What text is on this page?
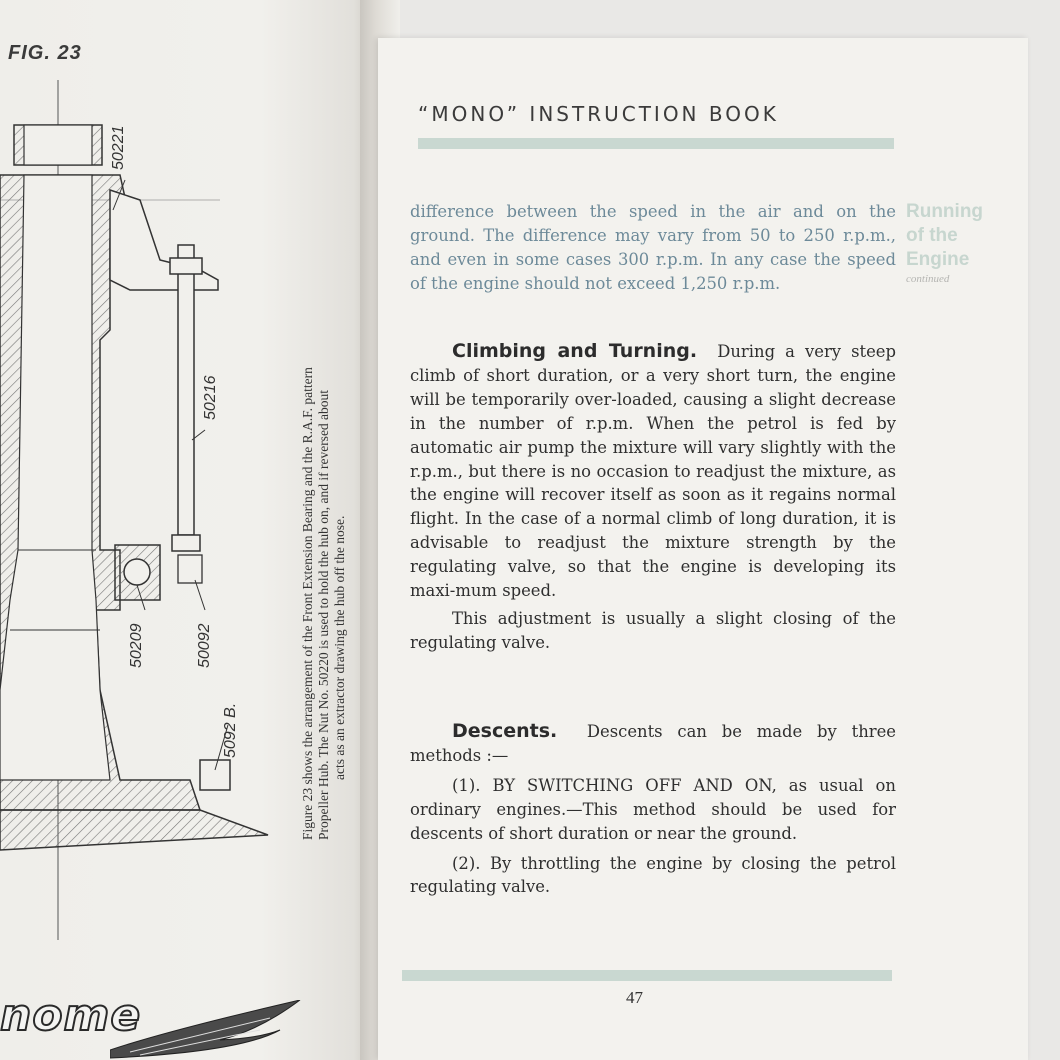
FIG. 23
50221
50216
50209	50092
5092 B.	Figure 23 shows the arrangement of the Front Extension Bearing and the R.A.F. pattern Propeller Hub. The Nut No. 50220 is used to hold the hub on, and if reversed about acts as an extractor drawing the hub off the nose.
nome
“MONO” INSTRUCTION BOOK
Running
of the
Engine
continued

difference between the speed in the air and on the ground. The difference may vary from 50 to 250 r.p.m., and even in some cases 300 r.p.m. In any case the speed of the engine should not exceed 1,250 r.p.m.

Climbing and Turning. During a very steep climb of short duration, or a very short turn, the engine will be temporarily over-loaded, causing a slight decrease in the number of r.p.m. When the petrol is fed by automatic air pump the mixture will vary slightly with the r.p.m., but there is no occasion to readjust the mixture, as the engine will recover itself as soon as it regains normal flight. In the case of a normal climb of long duration, it is advisable to readjust the mixture strength by the regulating valve, so that the engine is developing its maxi-mum speed.

This adjustment is usually a slight closing of the regulating valve.

Descents. Descents can be made by three methods :—

(1). BY SWITCHING OFF AND ON, as usual on ordinary engines.—This method should be used for descents of short duration or near the ground.

(2). By throttling the engine by closing the petrol regulating valve.

47
